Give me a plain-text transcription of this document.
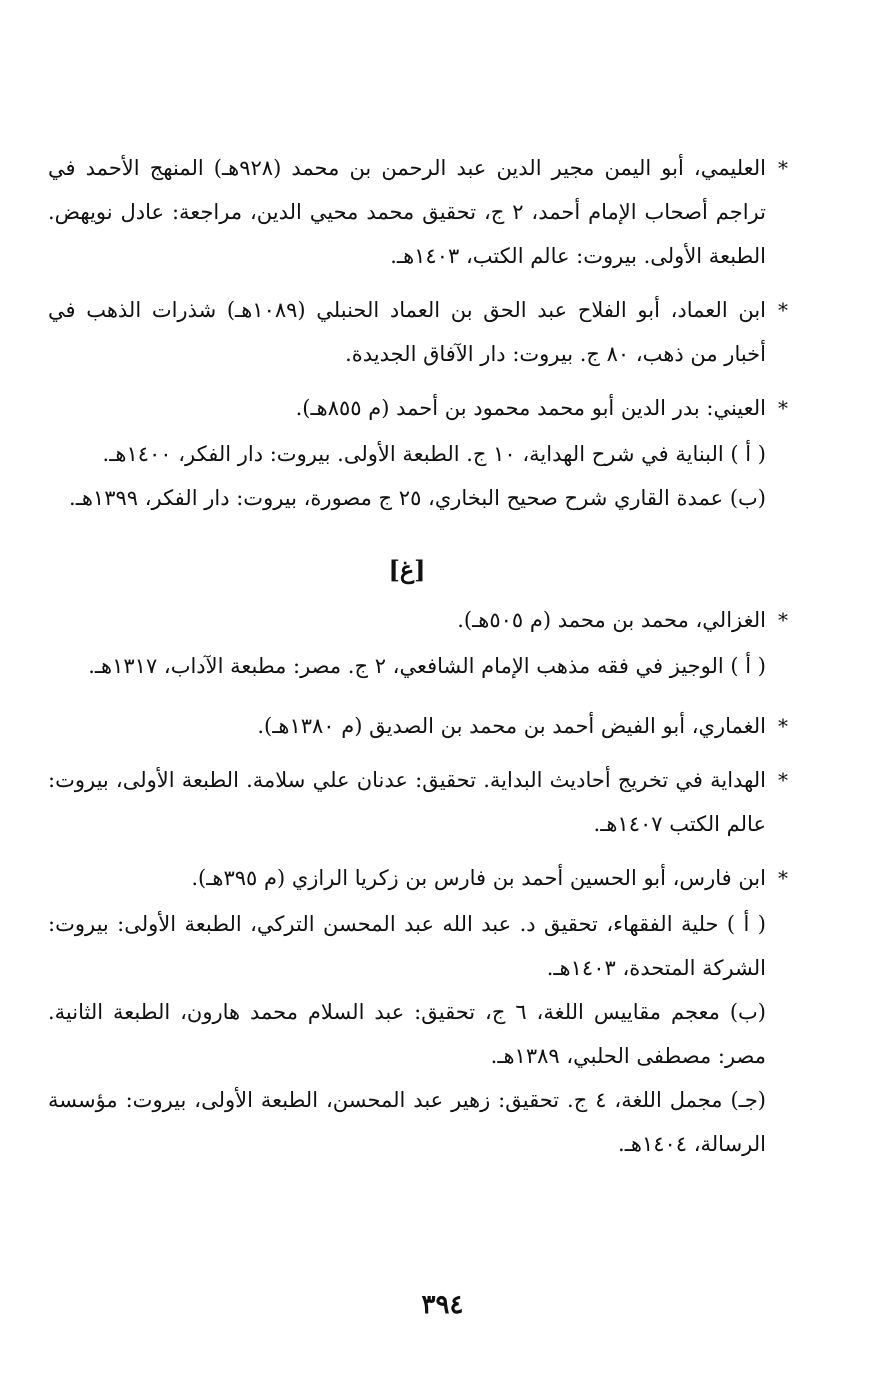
*

العليمي، أبو اليمن مجير الدين عبد الرحمن بن محمد (٩٢٨هـ) المنهج الأحمد في تراجم أصحاب الإمام أحمد، ٢ ج، تحقيق محمد محيي الدين، مراجعة: عادل نويهض. الطبعة الأولى. بيروت: عالم الكتب، ١٤٠٣هـ.

*

ابن العماد، أبو الفلاح عبد الحق بن العماد الحنبلي (١٠٨٩هـ) شذرات الذهب في أخبار من ذهب، ٨٠ ج. بيروت: دار الآفاق الجديدة.

*

العيني: بدر الدين أبو محمد محمود بن أحمد (م ٨٥٥هـ).

( أ ) البناية في شرح الهداية، ١٠ ج. الطبعة الأولى. بيروت: دار الفكر، ١٤٠٠هـ.

(ب) عمدة القاري شرح صحيح البخاري، ٢٥ ج مصورة، بيروت: دار الفكر، ١٣٩٩هـ.

[غ]
*

الغزالي، محمد بن محمد (م ٥٠٥هـ).

( أ ) الوجيز في فقه مذهب الإمام الشافعي، ٢ ج. مصر: مطبعة الآداب، ١٣١٧هـ.

*

الغماري، أبو الفيض أحمد بن محمد بن الصديق (م ١٣٨٠هـ).

*

الهداية في تخريج أحاديث البداية. تحقيق: عدنان علي سلامة. الطبعة الأولى، بيروت: عالم الكتب ١٤٠٧هـ.

*

ابن فارس، أبو الحسين أحمد بن فارس بن زكريا الرازي (م ٣٩٥هـ).

( أ ) حلية الفقهاء، تحقيق د. عبد الله عبد المحسن التركي، الطبعة الأولى: بيروت: الشركة المتحدة، ١٤٠٣هـ.

(ب) معجم مقاييس اللغة، ٦ ج، تحقيق: عبد السلام محمد هارون، الطبعة الثانية. مصر: مصطفى الحلبي، ١٣٨٩هـ.

(جـ) مجمل اللغة، ٤ ج. تحقيق: زهير عبد المحسن، الطبعة الأولى، بيروت: مؤسسة الرسالة، ١٤٠٤هـ.

٣٩٤
